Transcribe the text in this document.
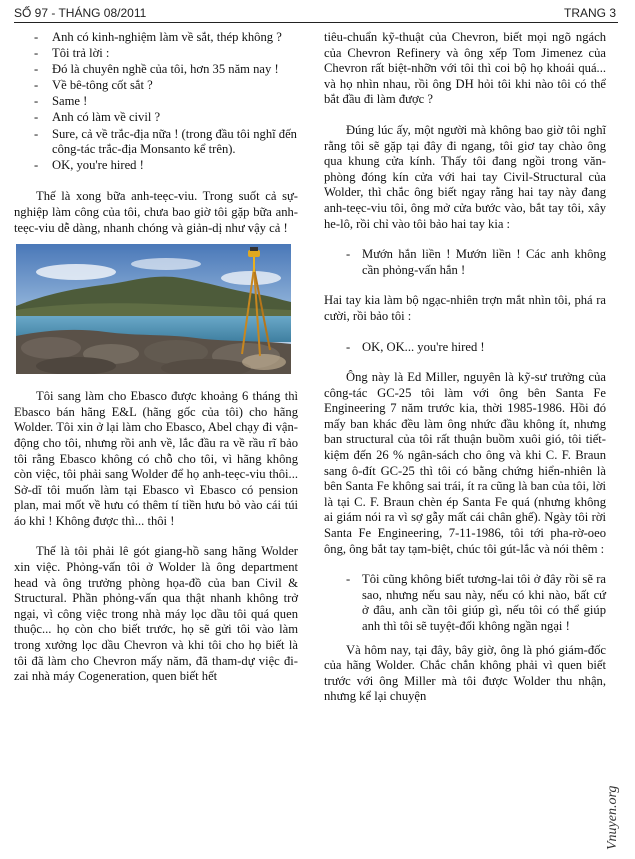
SỐ 97 - THÁNG 08/2011	TRANG 3
- Anh có kinh-nghiệm làm về sắt, thép không ?
- Tôi trả lời :
- Đó là chuyên nghề của tôi, hơn 35 năm nay !
- Về bê-tông cốt sắt ?
- Same !
- Anh có làm về civil ?
- Sure, cả về trắc-địa nữa ! (trong đầu tôi nghĩ đến công-tác trắc-địa Monsanto kể trên).
- OK, you're hired !

Thế là xong bữa anh-teẹc-viu. Trong suốt cả sự-nghiệp làm công của tôi, chưa bao giờ tôi gặp bữa anh-teẹc-viu dễ dàng, nhanh chóng và giản-dị như vậy cả !

Tôi sang làm cho Ebasco được khoảng 6 tháng thì Ebasco bán hãng E&L (hãng gốc của tôi) cho hãng Wolder. Tôi xin ở lại làm cho Ebasco, Abel chạy đi vận-động cho tôi, nhưng rồi anh về, lắc đầu ra về rầu rĩ bảo tôi rằng Ebasco không có chỗ cho tôi, vì hãng không còn việc, tôi phải sang Wolder để họ anh-teẹc-viu thôi... Sở-dĩ tôi muốn làm tại Ebasco vì Ebasco có pension plan, mai mốt về hưu có thêm tí tiền hưu bỏ vào cái túi áo khỉ ! Không được thì... thôi !

Thế là tôi phải lê gót giang-hồ sang hãng Wolder xin việc. Phỏng-vấn tôi ở Wolder là ông department head và ông trưởng phòng họa-đồ của ban Civil & Structural. Phần phỏng-vấn qua thật nhanh không trở ngại, vì công việc trong nhà máy lọc dầu tôi quá quen thuộc... họ còn cho biết trước, họ sẽ gửi tôi vào làm trong xưởng lọc dầu Chevron và khi tôi cho họ biết là tôi đã làm cho Chevron mấy năm, đã tham-dự việc đi-zai nhà máy Cogeneration, quen biết hết

tiêu-chuẩn kỹ-thuật của Chevron, biết mọi ngõ ngách của Chevron Refinery và ông xếp Tom Jimenez của Chevron rất biệt-nhỡn với tôi thì coi bộ họ khoái quá... và họ nhìn nhau, rồi ông DH hỏi tôi khi nào tôi có thể bắt đầu đi làm được ?

Đúng lúc ấy, một người mà không bao giờ tôi nghĩ rằng tôi sẽ gặp tại đây đi ngang, tôi giơ tay chào ông qua khung cửa kính. Thấy tôi đang ngồi trong văn-phòng đóng kín cửa với hai tay Civil-Structural của Wolder, thì chắc ông biết ngay rằng hai tay này đang anh-teẹc-viu tôi, ông mở cửa bước vào, bắt tay tôi, xây he-lô, rồi chỉ vào tôi bảo hai tay kia :

- Mướn hắn liền ! Mướn liền ! Các anh không cần phỏng-vấn hắn !

Hai tay kia làm bộ ngạc-nhiên trợn mắt nhìn tôi, phá ra cười, rồi bảo tôi :

- OK, OK... you're hired !

Ông này là Ed Miller, nguyên là kỹ-sư trưởng của công-tác GC-25 tôi làm với ông bên Santa Fe Engineering 7 năm trước kia, thời 1985-1986. Hồi đó mấy ban khác đều làm ông nhức đầu không ít, nhưng ban structural của tôi rất thuận buồm xuôi gió, tôi tiết-kiệm đến 26 % ngân-sách cho ông và khi C. F. Braun sang ô-đít GC-25 thì tôi có bằng chứng hiển-nhiên là bên Santa Fe không sai trái, ít ra cũng là ban của tôi, lời là tại C. F. Braun chèn ép Santa Fe quá (nhưng không ai giám nói ra vì sợ gẫy mất cái chân ghế). Ngày tôi rời Santa Fe Engineering, 7-11-1986, tôi tới pha-rờ-oeo ông, ông bắt tay tạm-biệt, chúc tôi gút-lắc và nói thêm :

- Tôi cũng không biết tương-lai tôi ở đây rồi sẽ ra sao, nhưng nếu sau này, nếu có khi nào, bất cứ ở đâu, anh cần tôi giúp gì, nếu tôi có thể giúp anh thì tôi sẽ tuyệt-đối không ngần ngại !

Và hôm nay, tại đây, bây giờ, ông là phó giám-đốc của hãng Wolder. Chắc chắn không phải vì quen biết trước với ông Miller mà tôi được Wolder thu nhận, nhưng kể lại chuyện

Vnuyen.org
